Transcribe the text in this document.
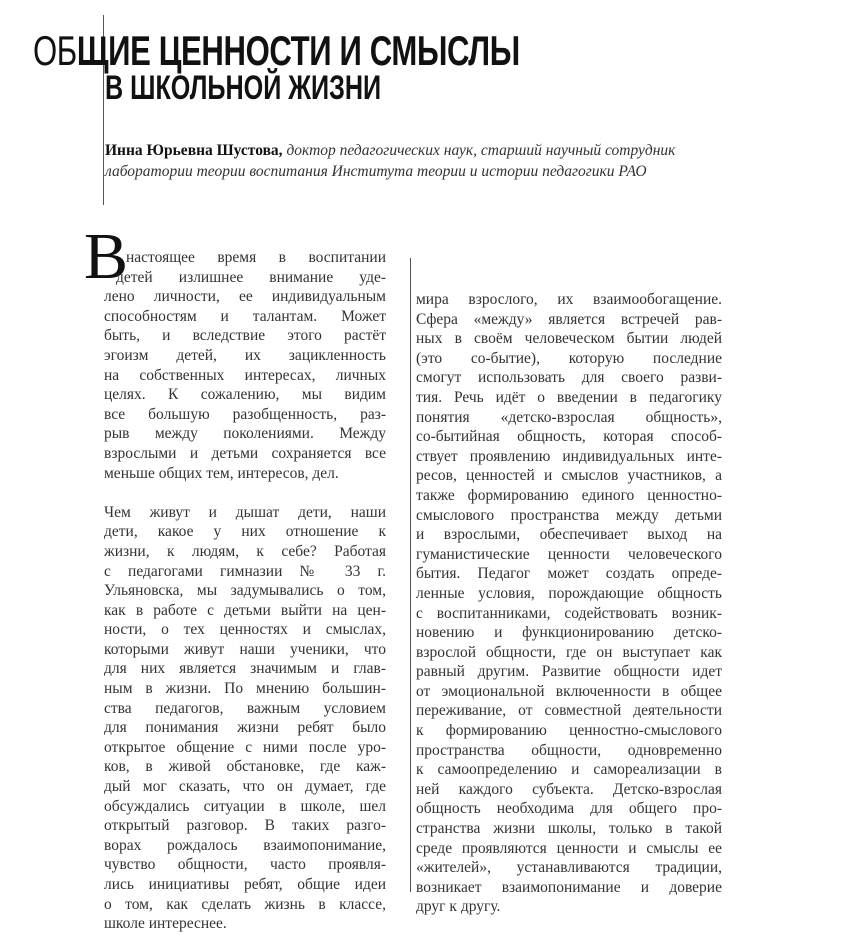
ОБЩИЕ ЦЕННОСТИ И СМЫСЛЫ
В ШКОЛЬНОЙ ЖИЗНИ
Инна Юрьевна Шустова, доктор педагогических наук, старший научный сотрудник лаборатории теории воспитания Института теории и истории педагогики РАО
В
настоящее время в воспитании
детей излишнее внимание уде-
лено личности, ее индивидуальным
способностям и талантам. Может
быть, и вследствие этого растёт
эгоизм детей, их зацикленность
на собственных интересах, личных
целях. К сожалению, мы видим
все большую разобщенность, раз-
рыв между поколениями. Между
взрослыми и детьми сохраняется все
меньше общих тем, интересов, дел.
Чем живут и дышат дети, наши
дети, какое у них отношение к
жизни, к людям, к себе? Работая
с педагогами гимназии № 33 г.
Ульяновска, мы задумывались о том,
как в работе с детьми выйти на цен-
ности, о тех ценностях и смыслах,
которыми живут наши ученики, что
для них является значимым и глав-
ным в жизни. По мнению большин-
ства педагогов, важным условием
для понимания жизни ребят было
открытое общение с ними после уро-
ков, в живой обстановке, где каж-
дый мог сказать, что он думает, где
обсуждались ситуации в школе, шел
открытый разговор. В таких разго-
ворах рождалось взаимопонимание,
чувство общности, часто проявля-
лись инициативы ребят, общие идеи
о том, как сделать жизнь в классе,
школе интереснее.
мира взрослого, их взаимообогащение.
Сфера «между» является встречей рав-
ных в своём человеческом бытии людей
(это со-бытие), которую последние
смогут использовать для своего разви-
тия. Речь идёт о введении в педагогику
понятия «детско-взрослая общность»,
со-бытийная общность, которая способ-
ствует проявлению индивидуальных инте-
ресов, ценностей и смыслов участников, а
также формированию единого ценностно-
смыслового пространства между детьми
и взрослыми, обеспечивает выход на
гуманистические ценности человеческого
бытия. Педагог может создать опреде-
ленные условия, порождающие общность
с воспитанниками, содействовать возник-
новению и функционированию детско-
взрослой общности, где он выступает как
равный другим. Развитие общности идет
от эмоциональной включенности в общее
переживание, от совместной деятельности
к формированию ценностно-смыслового
пространства общности, одновременно
к самоопределению и самореализации в
ней каждого субъекта. Детско-взрослая
общность необходима для общего про-
странства жизни школы, только в такой
среде проявляются ценности и смыслы ее
«жителей», устанавливаются традиции,
возникает взаимопонимание и доверие
друг к другу.
